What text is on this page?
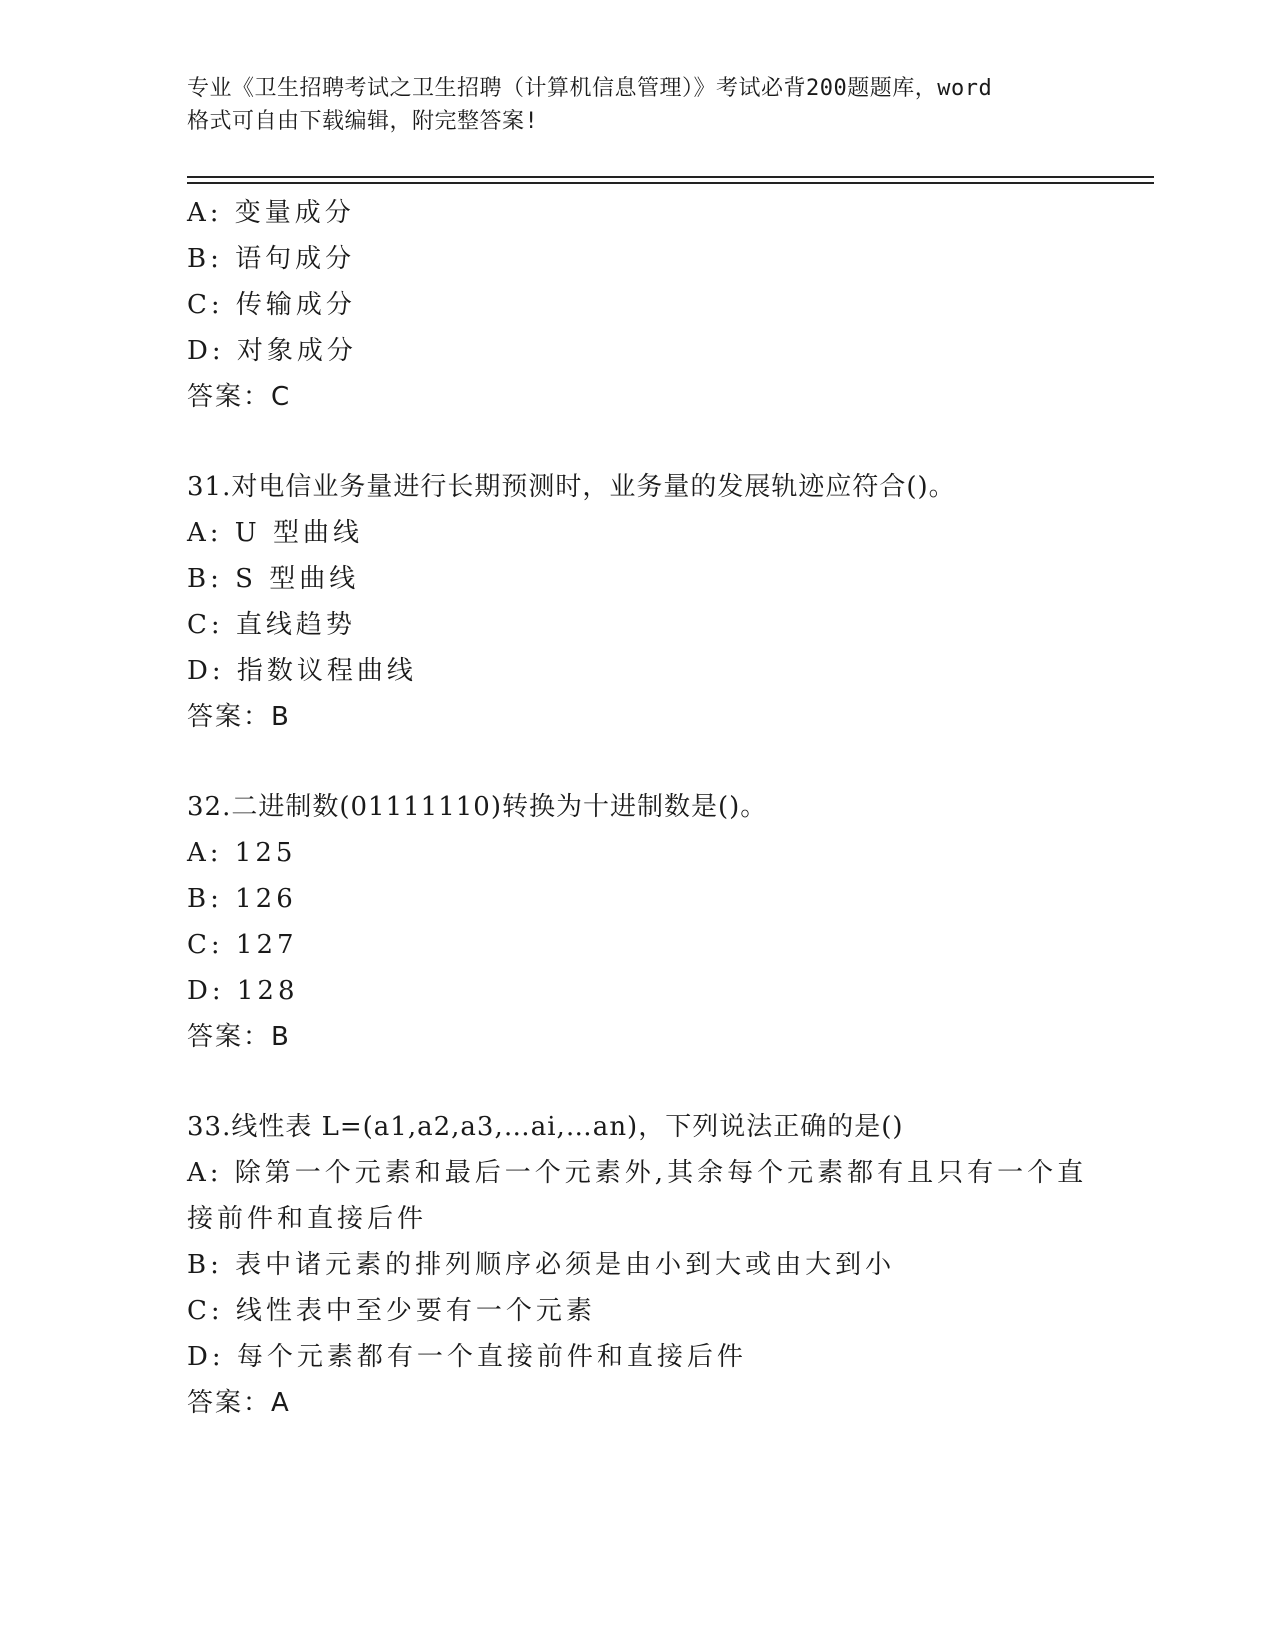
专业《卫生招聘考试之卫生招聘（计算机信息管理）》考试必背200题题库，word
格式可自由下载编辑，附完整答案!
A: 变量成分
B: 语句成分
C: 传输成分
D: 对象成分
答案：C
31.对电信业务量进行长期预测时，业务量的发展轨迹应符合()。
A: U 型曲线
B: S 型曲线
C: 直线趋势
D: 指数议程曲线
答案：B
32.二进制数(01111110)转换为十进制数是()。
A: 125
B: 126
C: 127
D: 128
答案：B
33.线性表 L=(a1,a2,a3,…ai,…an)，下列说法正确的是()
A: 除第一个元素和最后一个元素外,其余每个元素都有且只有一个直
接前件和直接后件
B: 表中诸元素的排列顺序必须是由小到大或由大到小
C: 线性表中至少要有一个元素
D: 每个元素都有一个直接前件和直接后件
答案：A
